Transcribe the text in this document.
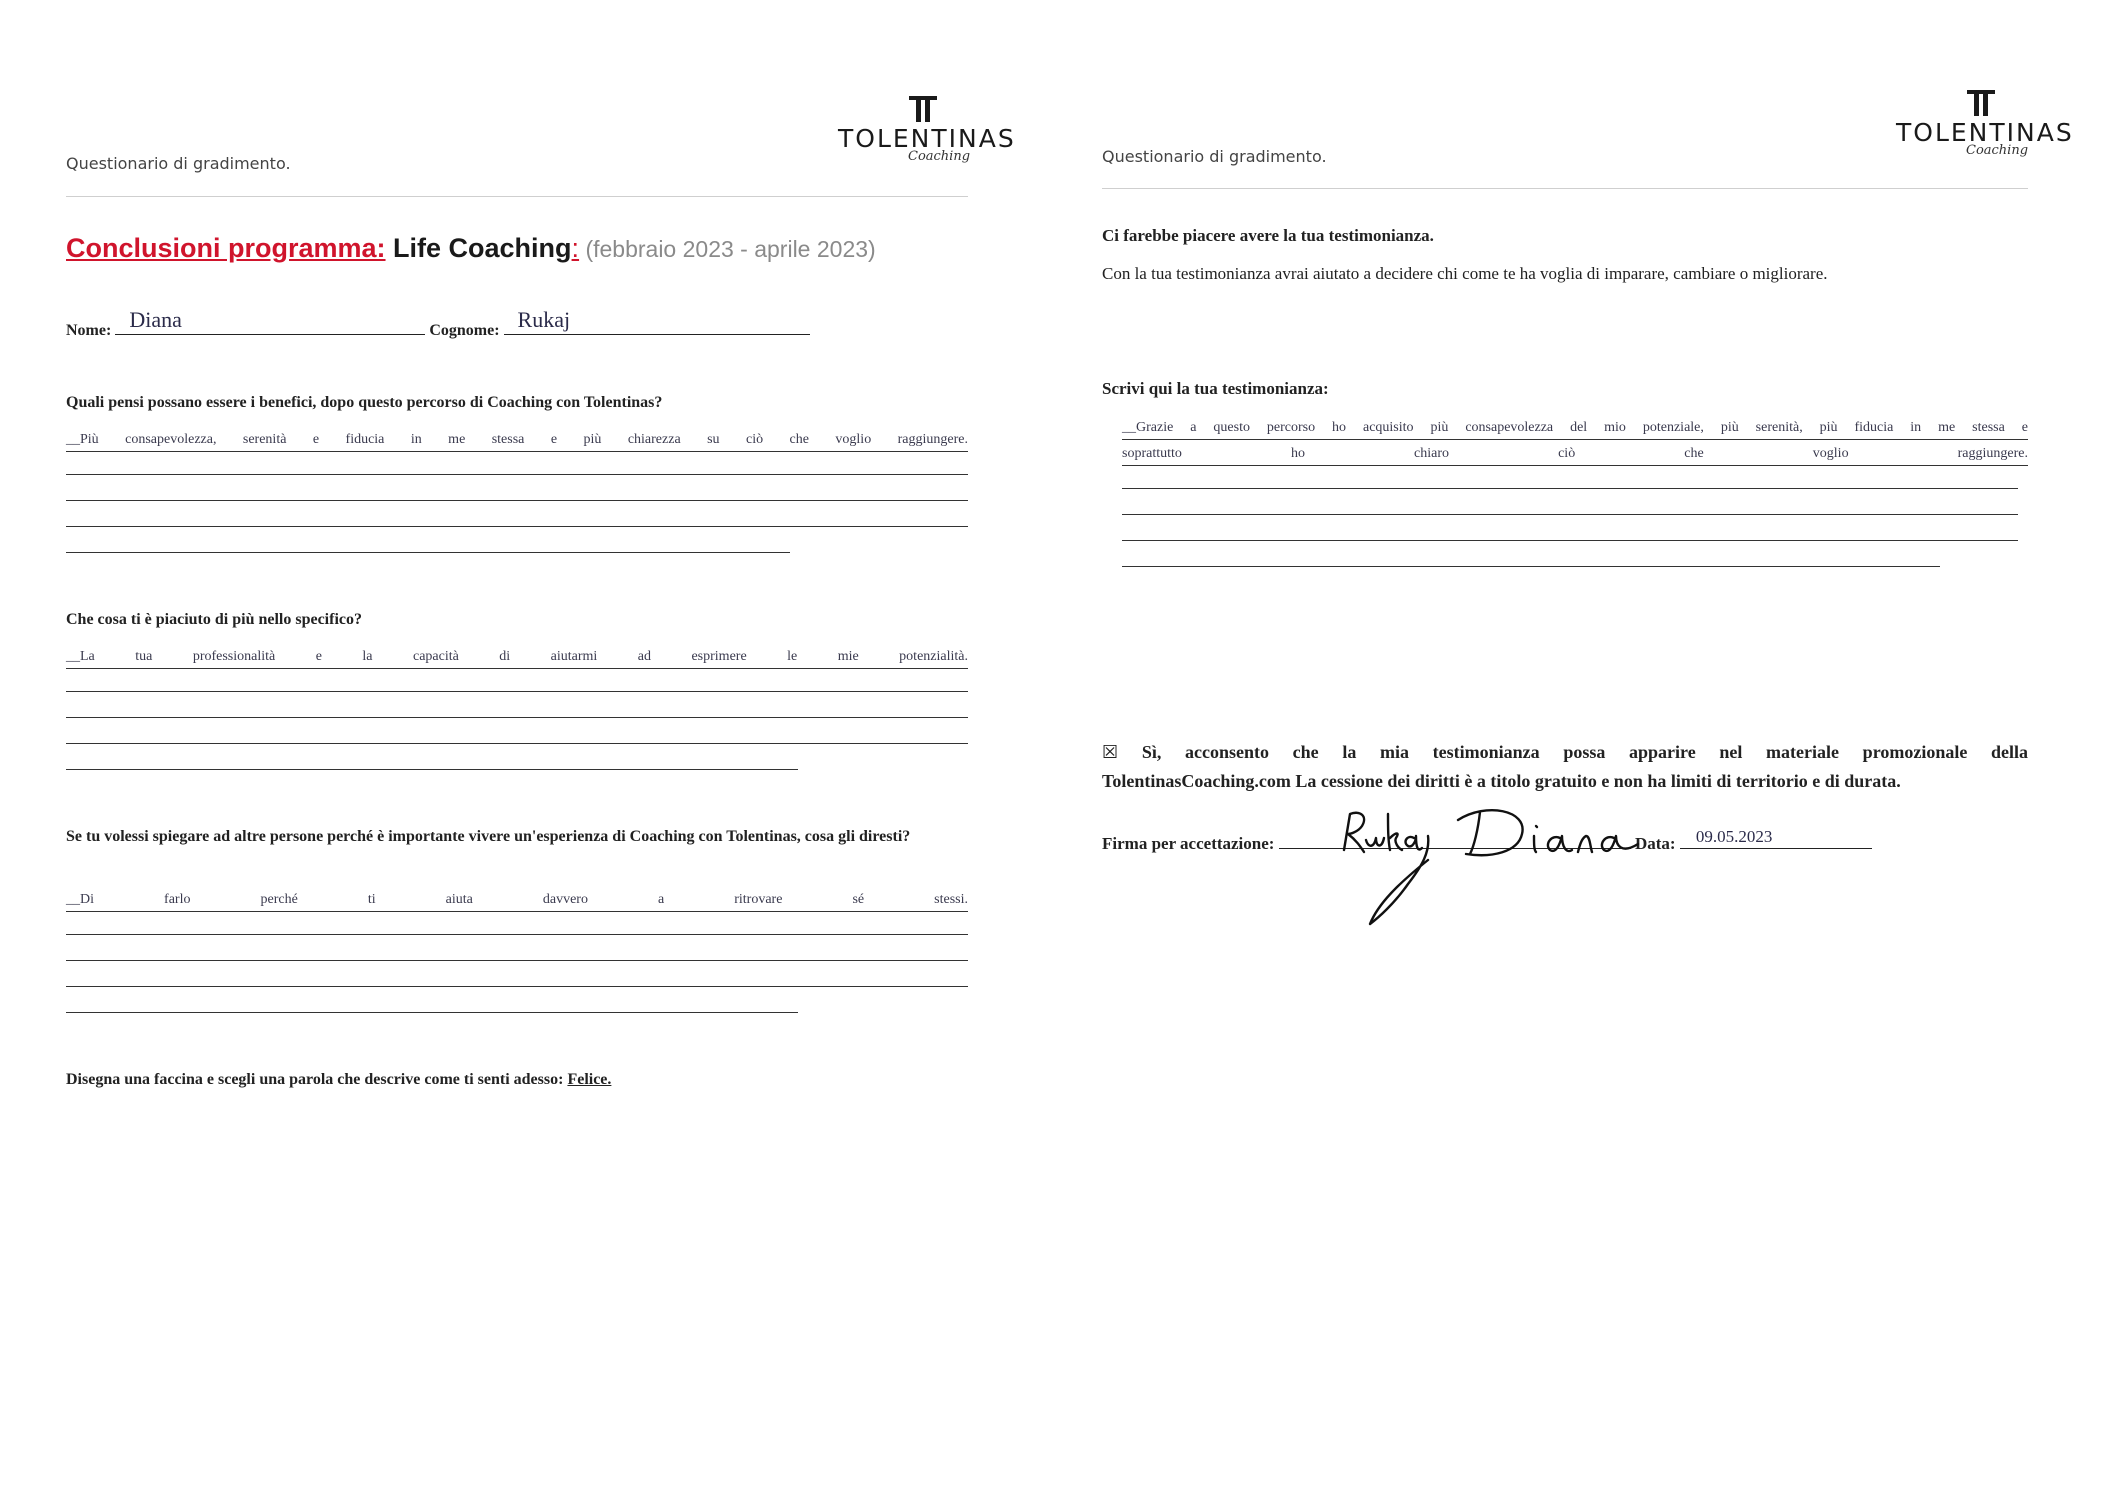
Questionario di gradimento.
TOLENTINAS
Coaching
Conclusioni programma: Life Coaching: (febbraio 2023 - aprile 2023)
Nome: Diana	Cognome: Rukaj
Quali pensi possano essere i benefici, dopo questo percorso di Coaching con Tolentinas?
__Più consapevolezza, serenità e fiducia in me stessa e più chiarezza su ciò che voglio raggiungere.
Che cosa ti è piaciuto di più nello specifico?
__La tua professionalità e la capacità di aiutarmi ad esprimere le mie potenzialità.
Se tu volessi spiegare ad altre persone perché è importante vivere un'esperienza di Coaching con Tolentinas, cosa gli diresti?
__Di farlo perché ti aiuta davvero a ritrovare sé stessi.
Disegna una faccina e scegli una parola che descrive come ti senti adesso: Felice.
Questionario di gradimento.
TOLENTINAS
Coaching
Ci farebbe piacere avere la tua testimonianza.
Con la tua testimonianza avrai aiutato a decidere chi come te ha voglia di imparare, cambiare o migliorare.
Scrivi qui la tua testimonianza:
__Grazie a questo percorso ho acquisito più consapevolezza del mio potenziale, più serenità, più fiducia in me stessa e
soprattutto ho chiaro ciò che voglio raggiungere.
☒ Sì, acconsento che la mia testimonianza possa apparire nel materiale promozionale della
TolentinasCoaching.com La cessione dei diritti è a titolo gratuito e non ha limiti di territorio e di durata.
Firma per accettazione:	Data: 09.05.2023
